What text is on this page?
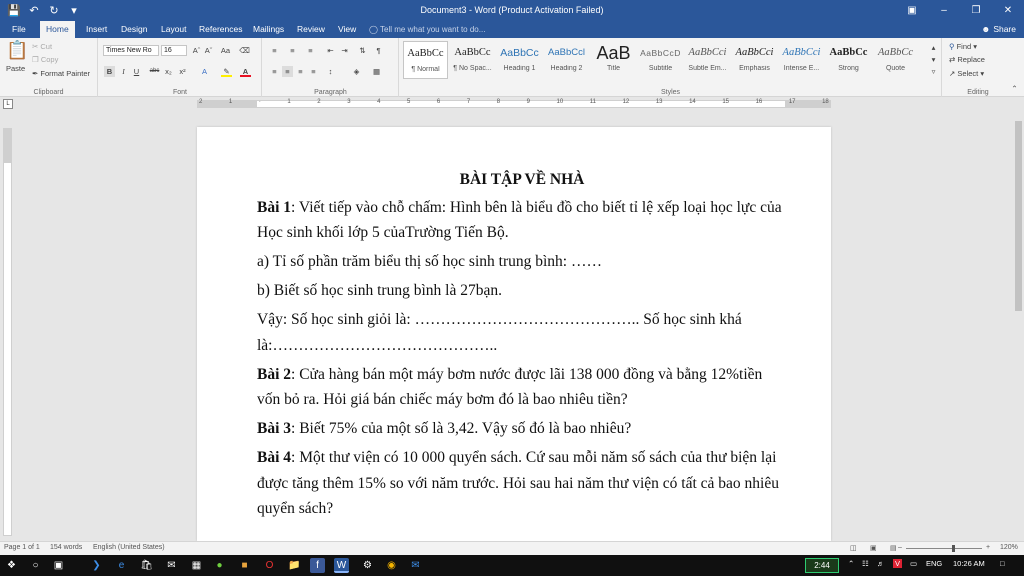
💾 ↶ ↻	▾	Document3 - Word (Product Activation Failed)	▣	–	❐	✕
File	Home	Insert	Design	Layout	References	Mailings	Review	View	◯ Tell me what you want to do...	☻ Share
📋
Paste
✂ Cut
❐ Copy
✒ Format Painter
Clipboard
Times New Ro	16	Aˆ Aˇ Aa ⌫
B	I	U	abc x₂	x²	A	✎	A
Font
≡	≡	≡	⇤	⇥	⇅	¶
≡	≡	≡	≡	↕	◈	▦
Paragraph
AaBbCc
¶ Normal
AaBbCc
¶ No Spac...
AaBbCc
Heading 1
AaBbCcl
Heading 2
AaB
Title
AaBbCcD
Subtitle
AaBbCci
Subtle Em...
AaBbCci
Emphasis
AaBbCci
Intense E...
AaBbCc
Strong
AaBbCc
Quote
▴
▾
▿
Styles
⚲ Find ▾
⇄ Replace
↗ Select ▾
Editing	⌃
L	2	1	·	1	2	3	4	5	6	7	8	9	10	11	12	13	14	15	16	17	18

BÀI TẬP VỀ NHÀ

Bài 1: Viết tiếp vào chỗ chấm: Hình bên là biểu đồ cho biết tỉ lệ xếp loại học lực của Học sinh khối lớp 5 củaTrường Tiến Bộ.

a) Tỉ số phần trăm biểu thị số học sinh trung bình: ……

b) Biết số học sinh trung bình là 27bạn.

Vậy: Số học sinh giỏi là: …………………………………….. Số học sinh khá là:……………………………………..

Bài 2: Cửa hàng bán một máy bơm nước được lãi 138 000 đồng và bằng 12%tiền vốn bỏ ra. Hỏi giá bán chiếc máy bơm đó là bao nhiêu tiền?

Bài 3: Biết 75% của một số là 3,42. Vậy số đó là bao nhiêu?

Bài 4: Một thư viện có 10 000 quyển sách. Cứ sau mỗi năm số sách của thư biện lại được tăng thêm 15% so với năm trước. Hỏi sau hai năm thư viện có tất cả bao nhiêu quyển sách?

Page 1 of 1 154 words English (United States)	◫ ▣ ▤ –	+ 120%
❖	○	▣	❯	e	🛍	✉	▦	●	■	O	📁	f	W	⚙	◉	✉	2:44	⌃ ☷ ♬ V ▭ ENG 10:26 AM □
